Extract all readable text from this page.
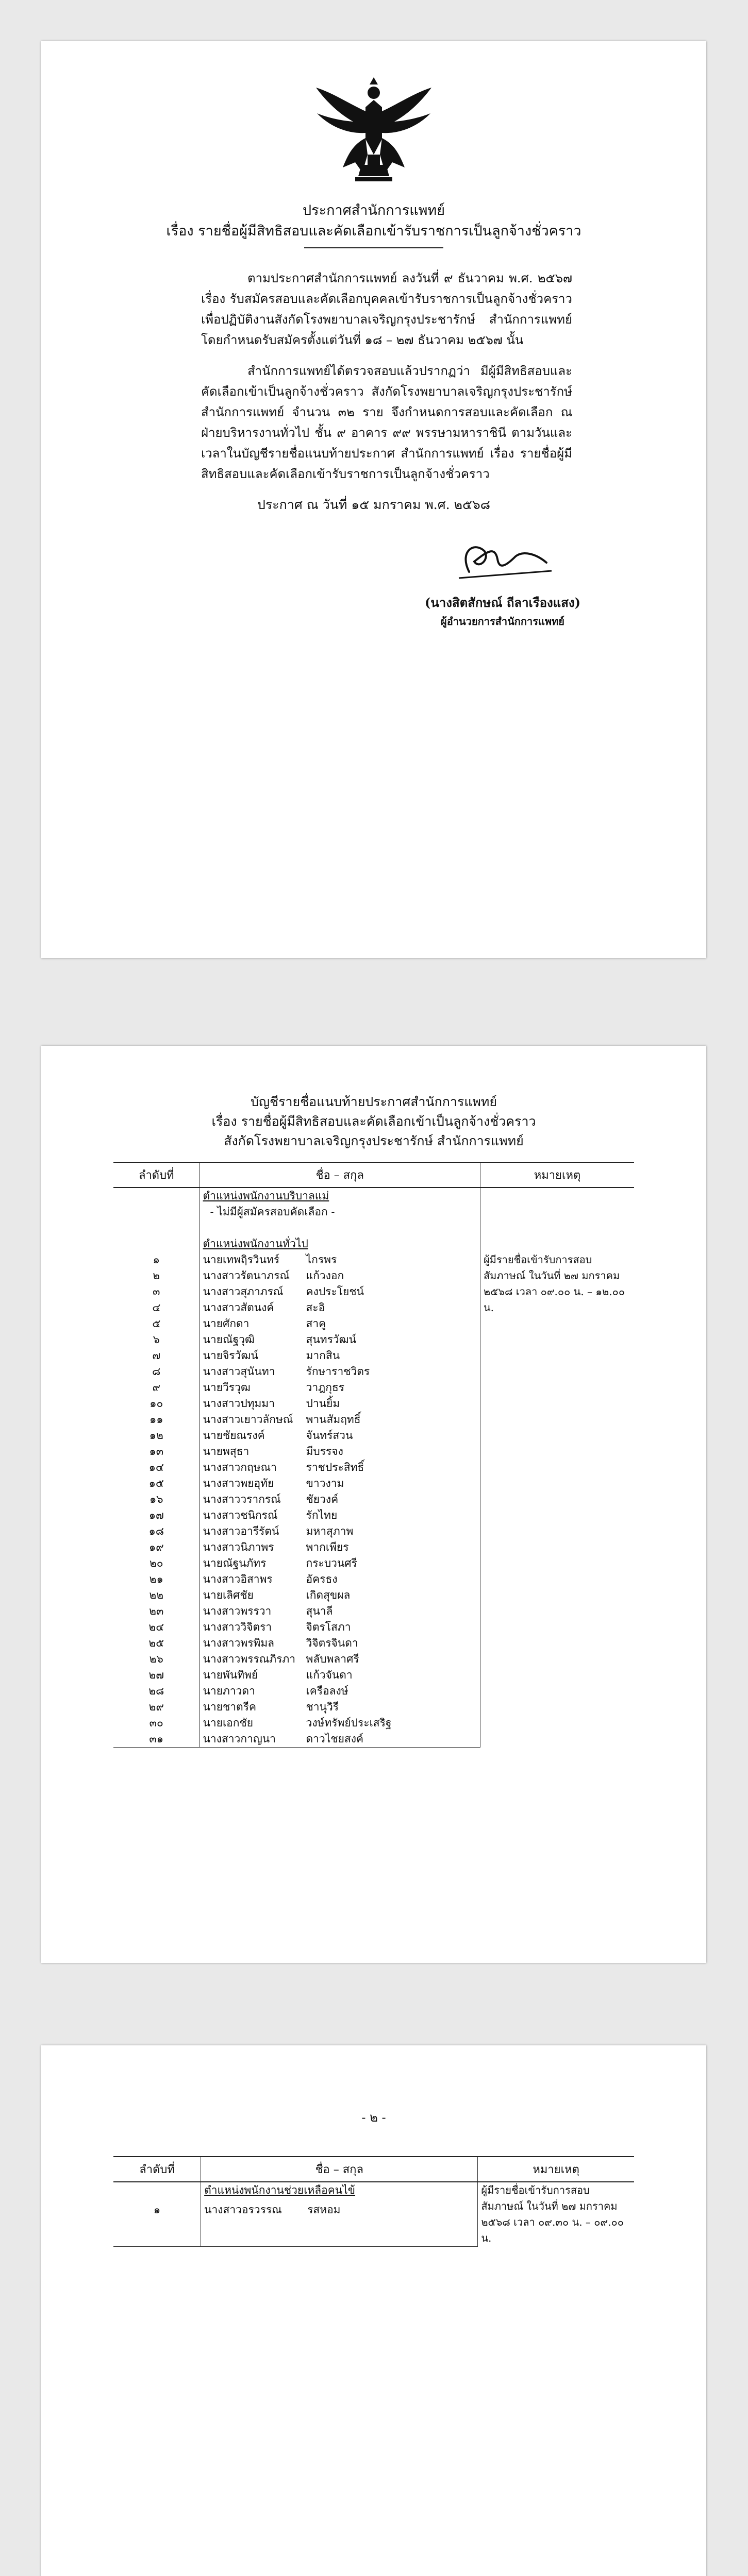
ประกาศสำนักการแพทย์
เรื่อง รายชื่อผู้มีสิทธิสอบและคัดเลือกเข้ารับราชการเป็นลูกจ้างชั่วคราว
ตามประกาศสำนักการแพทย์ ลงวันที่ ๙ ธันวาคม พ.ศ. ๒๕๖๗ เรื่อง รับสมัครสอบและคัดเลือกบุคคลเข้ารับราชการเป็นลูกจ้างชั่วคราว เพื่อปฏิบัติงานสังกัดโรงพยาบาลเจริญกรุงประชารักษ์ สำนักการแพทย์ โดยกำหนดรับสมัครตั้งแต่วันที่ ๑๘ – ๒๗ ธันวาคม ๒๕๖๗ นั้น
สำนักการแพทย์ได้ตรวจสอบแล้วปรากฏว่า มีผู้มีสิทธิสอบและคัดเลือกเข้าเป็นลูกจ้างชั่วคราว สังกัดโรงพยาบาลเจริญกรุงประชารักษ์ สำนักการแพทย์ จำนวน ๓๒ ราย จึงกำหนดการสอบและคัดเลือก ณ ฝ่ายบริหารงานทั่วไป ชั้น ๙ อาคาร ๙๙ พรรษามหาราชินี ตามวันและเวลาในบัญชีรายชื่อแนบท้ายประกาศ สำนักการแพทย์ เรื่อง รายชื่อผู้มีสิทธิสอบและคัดเลือกเข้ารับราชการเป็นลูกจ้างชั่วคราว
ประกาศ ณ วันที่ ๑๕ มกราคม พ.ศ. ๒๕๖๘
(นางสิตสักษณ์ ถีลาเรืองแสง)
ผู้อำนวยการสำนักการแพทย์
บัญชีรายชื่อแนบท้ายประกาศสำนักการแพทย์
เรื่อง รายชื่อผู้มีสิทธิสอบและคัดเลือกเข้าเป็นลูกจ้างชั่วคราว
สังกัดโรงพยาบาลเจริญกรุงประชารักษ์ สำนักการแพทย์
ลำดับที่	ชื่อ – สกุล	หมายเหตุ
	ตำแหน่งพนักงานบริบาลแม่	
	- ไม่มีผู้สมัครสอบคัดเลือก -	

	ตำแหน่งพนักงานทั่วไป	
๑	นายเทพฤิรวินทร์ ไกรพร	ผู้มีรายชื่อเข้ารับการสอบสัมภาษณ์ ในวันที่ ๒๗ มกราคม ๒๕๖๘ เวลา ๐๙.๐๐ น. – ๑๒.๐๐ น.
๒	นางสาวรัตนาภรณ์ แก้วงอก	

๓	นางสาวสุภาภรณ์ คงประโยชน์	

๔	นางสาวสัตนงค์ สะอิ	

๕	นายศักดา สาคู	

๖	นายณัฐวุฒิ สุนทรวัฒน์	

๗	นายจิรวัฒน์ มากสิน	

๘	นางสาวสุนันทา รักษาราชวิตร	

๙	นายวีรวุฒ วาฎกุธร	

๑๐	นางสาวปทุมมา ปานยิ้ม	

๑๑	นางสาวเยาวลักษณ์ พานสัมฤทธิ์	

๑๒	นายชัยณรงค์ จันทร์สวน	

๑๓	นายพสุธา มีบรรจง	

๑๔	นางสาวกฤษณา ราชประสิทธิ์	

๑๕	นางสาวพยอุทัย ขาวงาม	

๑๖	นางสาววรากรณ์ ชัยวงค์	

๑๗	นางสาวชนิกรณ์ รักไทย	

๑๘	นางสาวอารีรัตน์ มหาสุภาพ	

๑๙	นางสาวนิภาพร พากเพียร	

๒๐	นายณัฐนภัทร กระบวนศรี	

๒๑	นางสาวอิสาพร อัครธง	

๒๒	นายเลิศชัย เกิดสุขผล	

๒๓	นางสาวพรรวา สุนาลี	

๒๔	นางสาววิจิตรา จิตรโสภา	

๒๕	นางสาวพรพิมล วิจิตรจินดา	

๒๖	นางสาวพรรณภิรภา พลับพลาศรี	

๒๗	นายพันทิพย์ แก้วจันดา	

๒๘	นายภาวดา เครือลงษ์	

๒๙	นายชาตรีค ชานุวิรี	

๓๐	นายเอกชัย วงษ์ทรัพย์ประเสริฐ	

๓๑	นางสาวกาญนา ดาวไชยสงค์	
- ๒ -
ลำดับที่	ชื่อ – สกุล	หมายเหตุ
	ตำแหน่งพนักงานช่วยเหลือคนไข้	ผู้มีรายชื่อเข้ารับการสอบสัมภาษณ์ ในวันที่ ๒๗ มกราคม ๒๕๖๘ เวลา ๐๙.๓๐ น. – ๐๙.๐๐ น.
๑	นางสาวอรวรรณ รสหอม	
